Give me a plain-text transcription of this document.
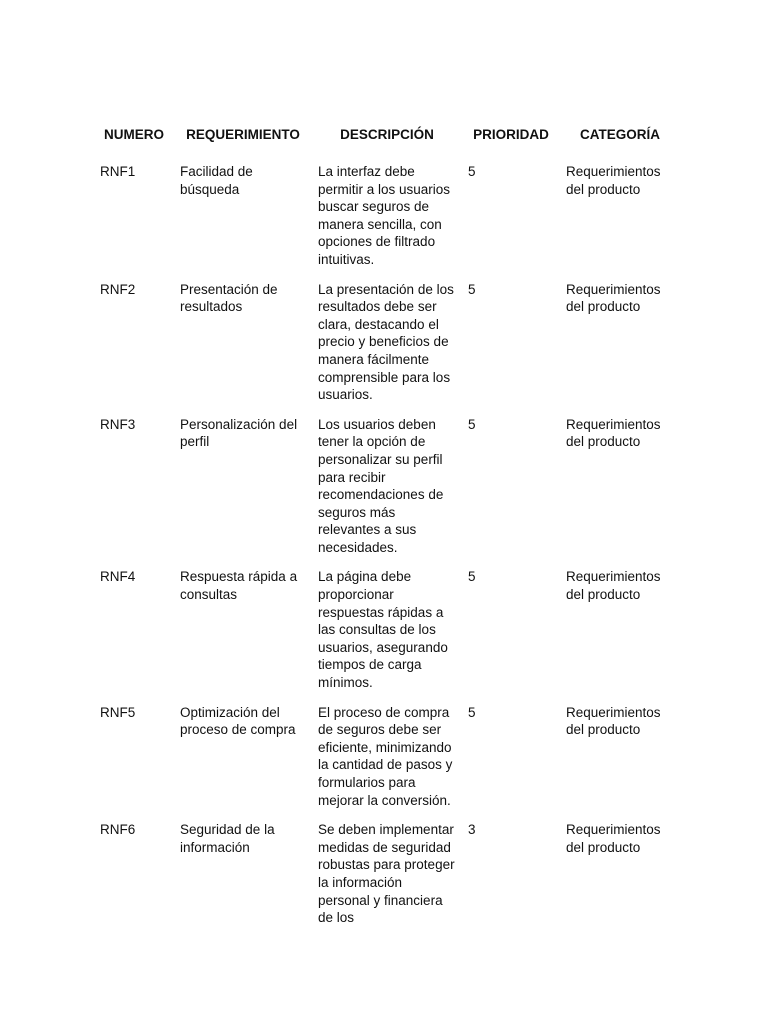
NUMERO	REQUERIMIENTO	DESCRIPCIÓN	PRIORIDAD	CATEGORÍA
RNF1	Facilidad de búsqueda	La interfaz debe permitir a los usuarios buscar seguros de manera sencilla, con opciones de filtrado intuitivas.	5	Requerimientos del producto
RNF2	Presentación de resultados	La presentación de los resultados debe ser clara, destacando el precio y beneficios de manera fácilmente comprensible para los usuarios.	5	Requerimientos del producto
RNF3	Personalización del perfil	Los usuarios deben tener la opción de personalizar su perfil para recibir recomendaciones de seguros más relevantes a sus necesidades.	5	Requerimientos del producto
RNF4	Respuesta rápida a consultas	La página debe proporcionar respuestas rápidas a las consultas de los usuarios, asegurando tiempos de carga mínimos.	5	Requerimientos del producto
RNF5	Optimización del proceso de compra	El proceso de compra de seguros debe ser eficiente, minimizando la cantidad de pasos y formularios para mejorar la conversión.	5	Requerimientos del producto
RNF6	Seguridad de la información	Se deben implementar medidas de seguridad robustas para proteger la información personal y financiera de los	3	Requerimientos del producto
